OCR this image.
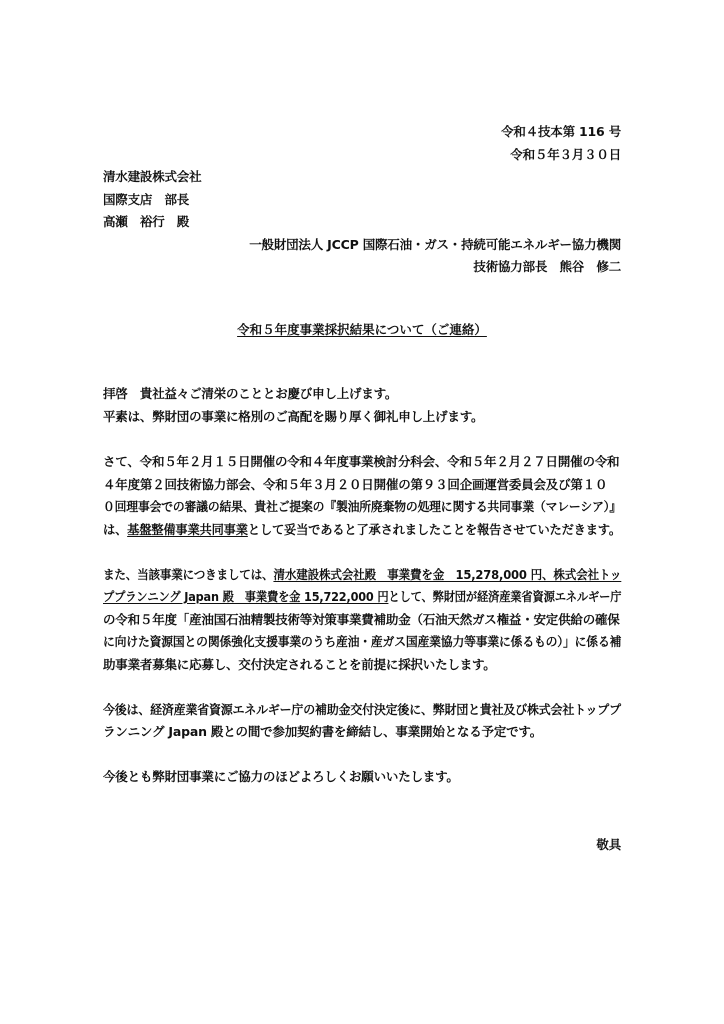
令和４技本第 116 号
令和５年３月３０日
清水建設株式会社
国際支店　部長
高瀬　裕行　殿
一般財団法人 JCCP 国際石油・ガス・持続可能エネルギー協力機関
技術協力部長　熊谷　修二
令和５年度事業採択結果について（ご連絡）
拝啓　貴社益々ご清栄のこととお慶び申し上げます。
平素は、弊財団の事業に格別のご高配を賜り厚く御礼申し上げます。
さて、令和５年２月１５日開催の令和４年度事業検討分科会、令和５年２月２７日開催の令和
４年度第２回技術協力部会、令和５年３月２０日開催の第９３回企画運営委員会及び第１０
０回理事会での審議の結果、貴社ご提案の『製油所廃棄物の処理に関する共同事業（マレーシア）』
は、基盤整備事業共同事業として妥当であると了承されましたことを報告させていただきます。
また、当該事業につきましては、清水建設株式会社殿　事業費を金　15,278,000 円、株式会社トッ
ププランニング Japan 殿　事業費を金 15,722,000 円として、弊財団が経済産業省資源エネルギー庁
の令和５年度「産油国石油精製技術等対策事業費補助金（石油天然ガス権益・安定供給の確保
に向けた資源国との関係強化支援事業のうち産油・産ガス国産業協力等事業に係るもの）」に係る補
助事業者募集に応募し、交付決定されることを前提に採択いたします。
今後は、経済産業省資源エネルギー庁の補助金交付決定後に、弊財団と貴社及び株式会社トッププ
ランニング Japan 殿との間で参加契約書を締結し、事業開始となる予定です。
今後とも弊財団事業にご協力のほどよろしくお願いいたします。
敬具
